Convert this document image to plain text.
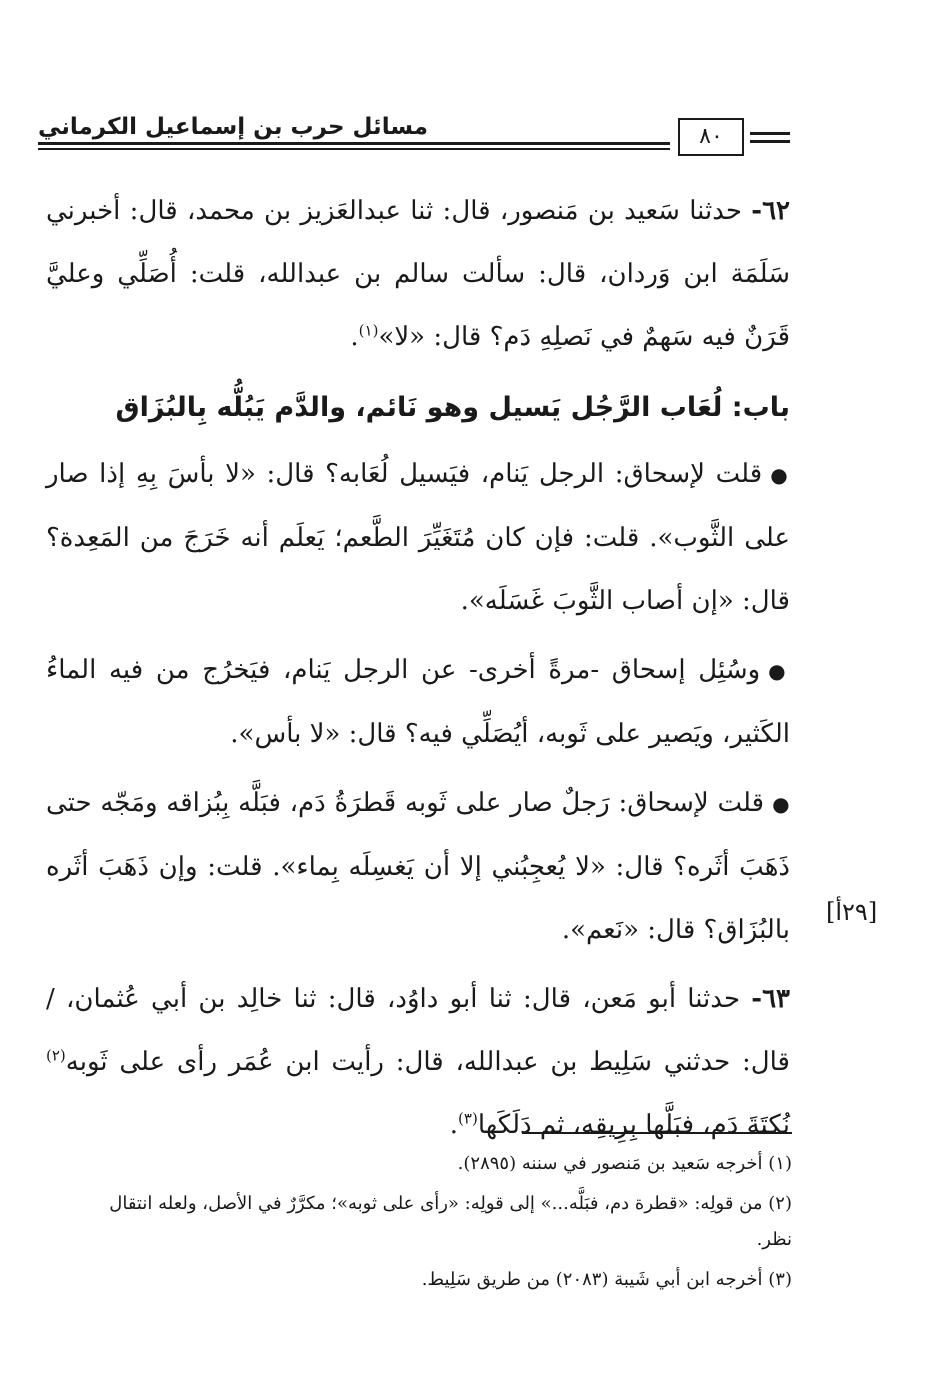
مسائل حرب بن إسماعيل الكرماني	٨٠

٦٢- حدثنا سَعيد بن مَنصور، قال: ثنا عبدالعَزيز بن محمد، قال: أخبرني سَلَمَة ابن وَردان، قال: سألت سالم بن عبدالله، قلت: أُصَلِّي وعليَّ قَرَنٌ فيه سَهمٌ في نَصلِهِ دَم؟ قال: «لا»$^{(١)}$.

باب: لُعَاب الرَّجُل يَسيل وهو نَائم، والدَّم يَبُلُّه بِالبُزَاق

●قلت لإسحاق: الرجل يَنام، فيَسيل لُعَابه؟ قال: «لا بأسَ بِهِ إذا صار على الثَّوب». قلت: فإن كان مُتَغَيِّرَ الطَّعم؛ يَعلَم أنه خَرَجَ من المَعِدة؟ قال: «إن أصاب الثَّوبَ غَسَلَه».

●وسُئِل إسحاق -مرةً أخرى- عن الرجل يَنام، فيَخرُج من فيه الماءُ الكَثير، ويَصير على ثَوبه، أيُصَلِّي فيه؟ قال: «لا بأس».

●قلت لإسحاق: رَجلٌ صار على ثَوبه قَطرَةُ دَم، فبَلَّه بِبُزاقه ومَجّه حتى ذَهَبَ أثَره؟ قال: «لا يُعجِبُني إلا أن يَغسِلَه بِماء». قلت: وإن ذَهَبَ أثَره بالبُزَاق؟ قال: «نَعم».

٦٣- حدثنا أبو مَعن، قال: ثنا أبو داوُد، قال: ثنا خالِد بن أبي عُثمان، / قال: حدثني سَلِيط بن عبدالله، قال: رأيت ابن عُمَر رأى على ثَوبه$^{(٢)}$ نُكتَةَ دَم، فبَلَّها بِرِيقِه، ثم دَلَكَها$^{(٣)}$.

[٢٩أ]

(١) أخرجه سَعيد بن مَنصور في سننه (٢٨٩٥).

(٢) من قولِه: «قطرة دم، فبَلَّه...» إلى قولِه: «رأى على ثوبه»؛ مكرَّرٌ في الأصل، ولعله انتقال نظر.

(٣) أخرجه ابن أبي شَيبة (٢٠٨٣) من طريق سَلِيط.
